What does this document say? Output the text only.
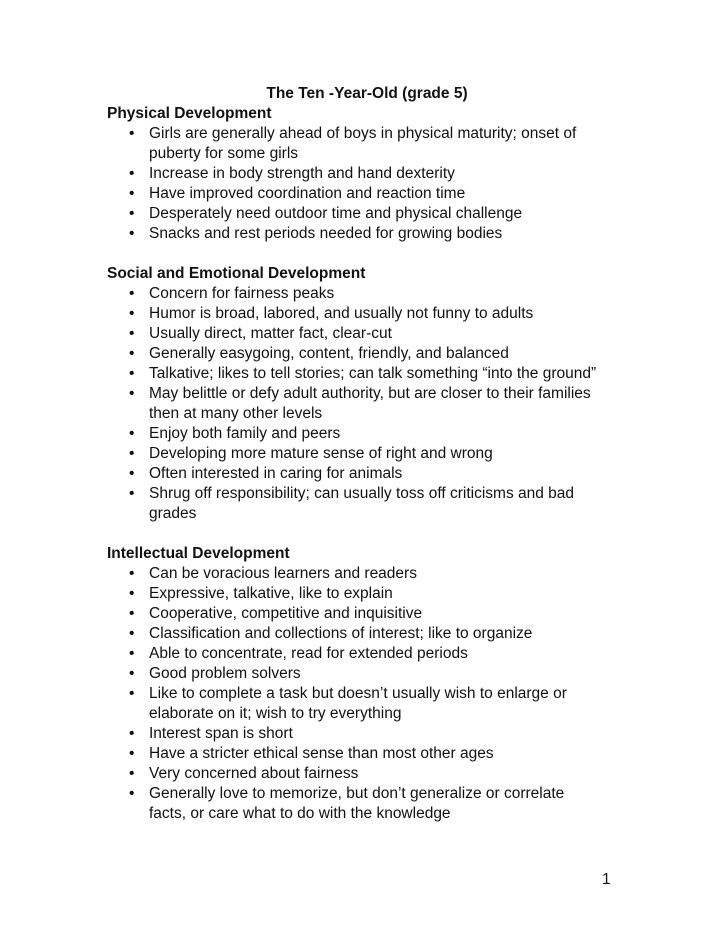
The Ten -Year-Old (grade 5)
Physical Development
• Girls are generally ahead of boys in physical maturity; onset of puberty for some girls
• Increase in body strength and hand dexterity
• Have improved coordination and reaction time
• Desperately need outdoor time and physical challenge
• Snacks and rest periods needed for growing bodies
Social and Emotional Development
• Concern for fairness peaks
• Humor is broad, labored, and usually not funny to adults
• Usually direct, matter fact, clear-cut
• Generally easygoing, content, friendly, and balanced
• Talkative; likes to tell stories; can talk something “into the ground”
• May belittle or defy adult authority, but are closer to their families then at many other levels
• Enjoy both family and peers
• Developing more mature sense of right and wrong
• Often interested in caring for animals
• Shrug off responsibility; can usually toss off criticisms and bad grades
Intellectual Development
• Can be voracious learners and readers
• Expressive, talkative, like to explain
• Cooperative, competitive and inquisitive
• Classification and collections of interest; like to organize
• Able to concentrate, read for extended periods
• Good problem solvers
• Like to complete a task but doesn’t usually wish to enlarge or elaborate on it; wish to try everything
• Interest span is short
• Have a stricter ethical sense than most other ages
• Very concerned about fairness
• Generally love to memorize, but don’t generalize or correlate facts, or care what to do with the knowledge
1
